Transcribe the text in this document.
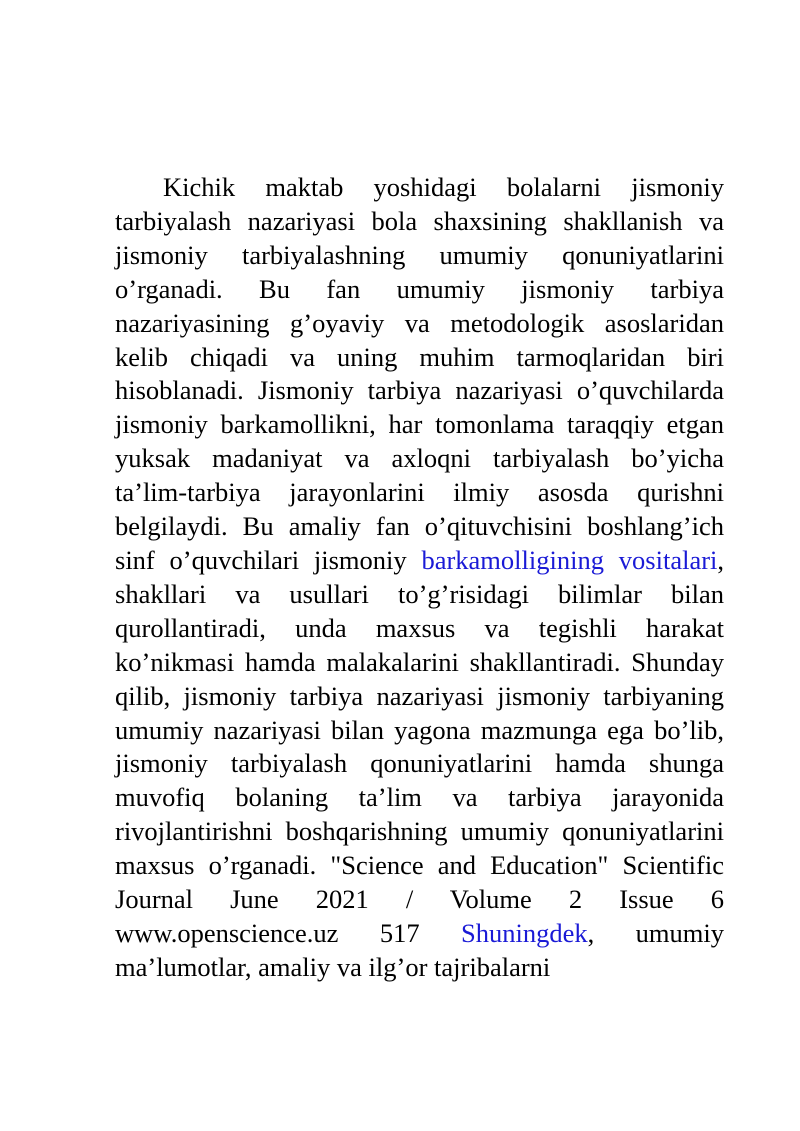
Kichik maktab yoshidagi bolalarni jismoniy tarbiyalash nazariyasi bola shaxsining shakllanish va jismoniy tarbiyalashning umumiy qonuniyatlarini o’rganadi. Bu fan umumiy jismoniy tarbiya nazariyasining g’oyaviy va metodologik asoslaridan kelib chiqadi va uning muhim tarmoqlaridan biri hisoblanadi. Jismoniy tarbiya nazariyasi o’quvchilarda jismoniy barkamollikni, har tomonlama taraqqiy etgan yuksak madaniyat va axloqni tarbiyalash bo’yicha ta’lim-tarbiya jarayonlarini ilmiy asosda qurishni belgilaydi. Bu amaliy fan o’qituvchisini boshlang’ich sinf o’quvchilari jismoniy barkamolligining vositalari, shakllari va usullari to’g’risidagi bilimlar bilan qurollantiradi, unda maxsus va tegishli harakat ko’nikmasi hamda malakalarini shakllantiradi. Shunday qilib, jismoniy tarbiya nazariyasi jismoniy tarbiyaning umumiy nazariyasi bilan yagona mazmunga ega bo’lib, jismoniy tarbiyalash qonuniyatlarini hamda shunga muvofiq bolaning ta’lim va tarbiya jarayonida rivojlantirishni boshqarishning umumiy qonuniyatlarini maxsus o’rganadi. "Science and Education" Scientific Journal June 2021 / Volume 2 Issue 6 www.openscience.uz 517 Shuningdek, umumiy ma’lumotlar, amaliy va ilg’or tajribalarni
